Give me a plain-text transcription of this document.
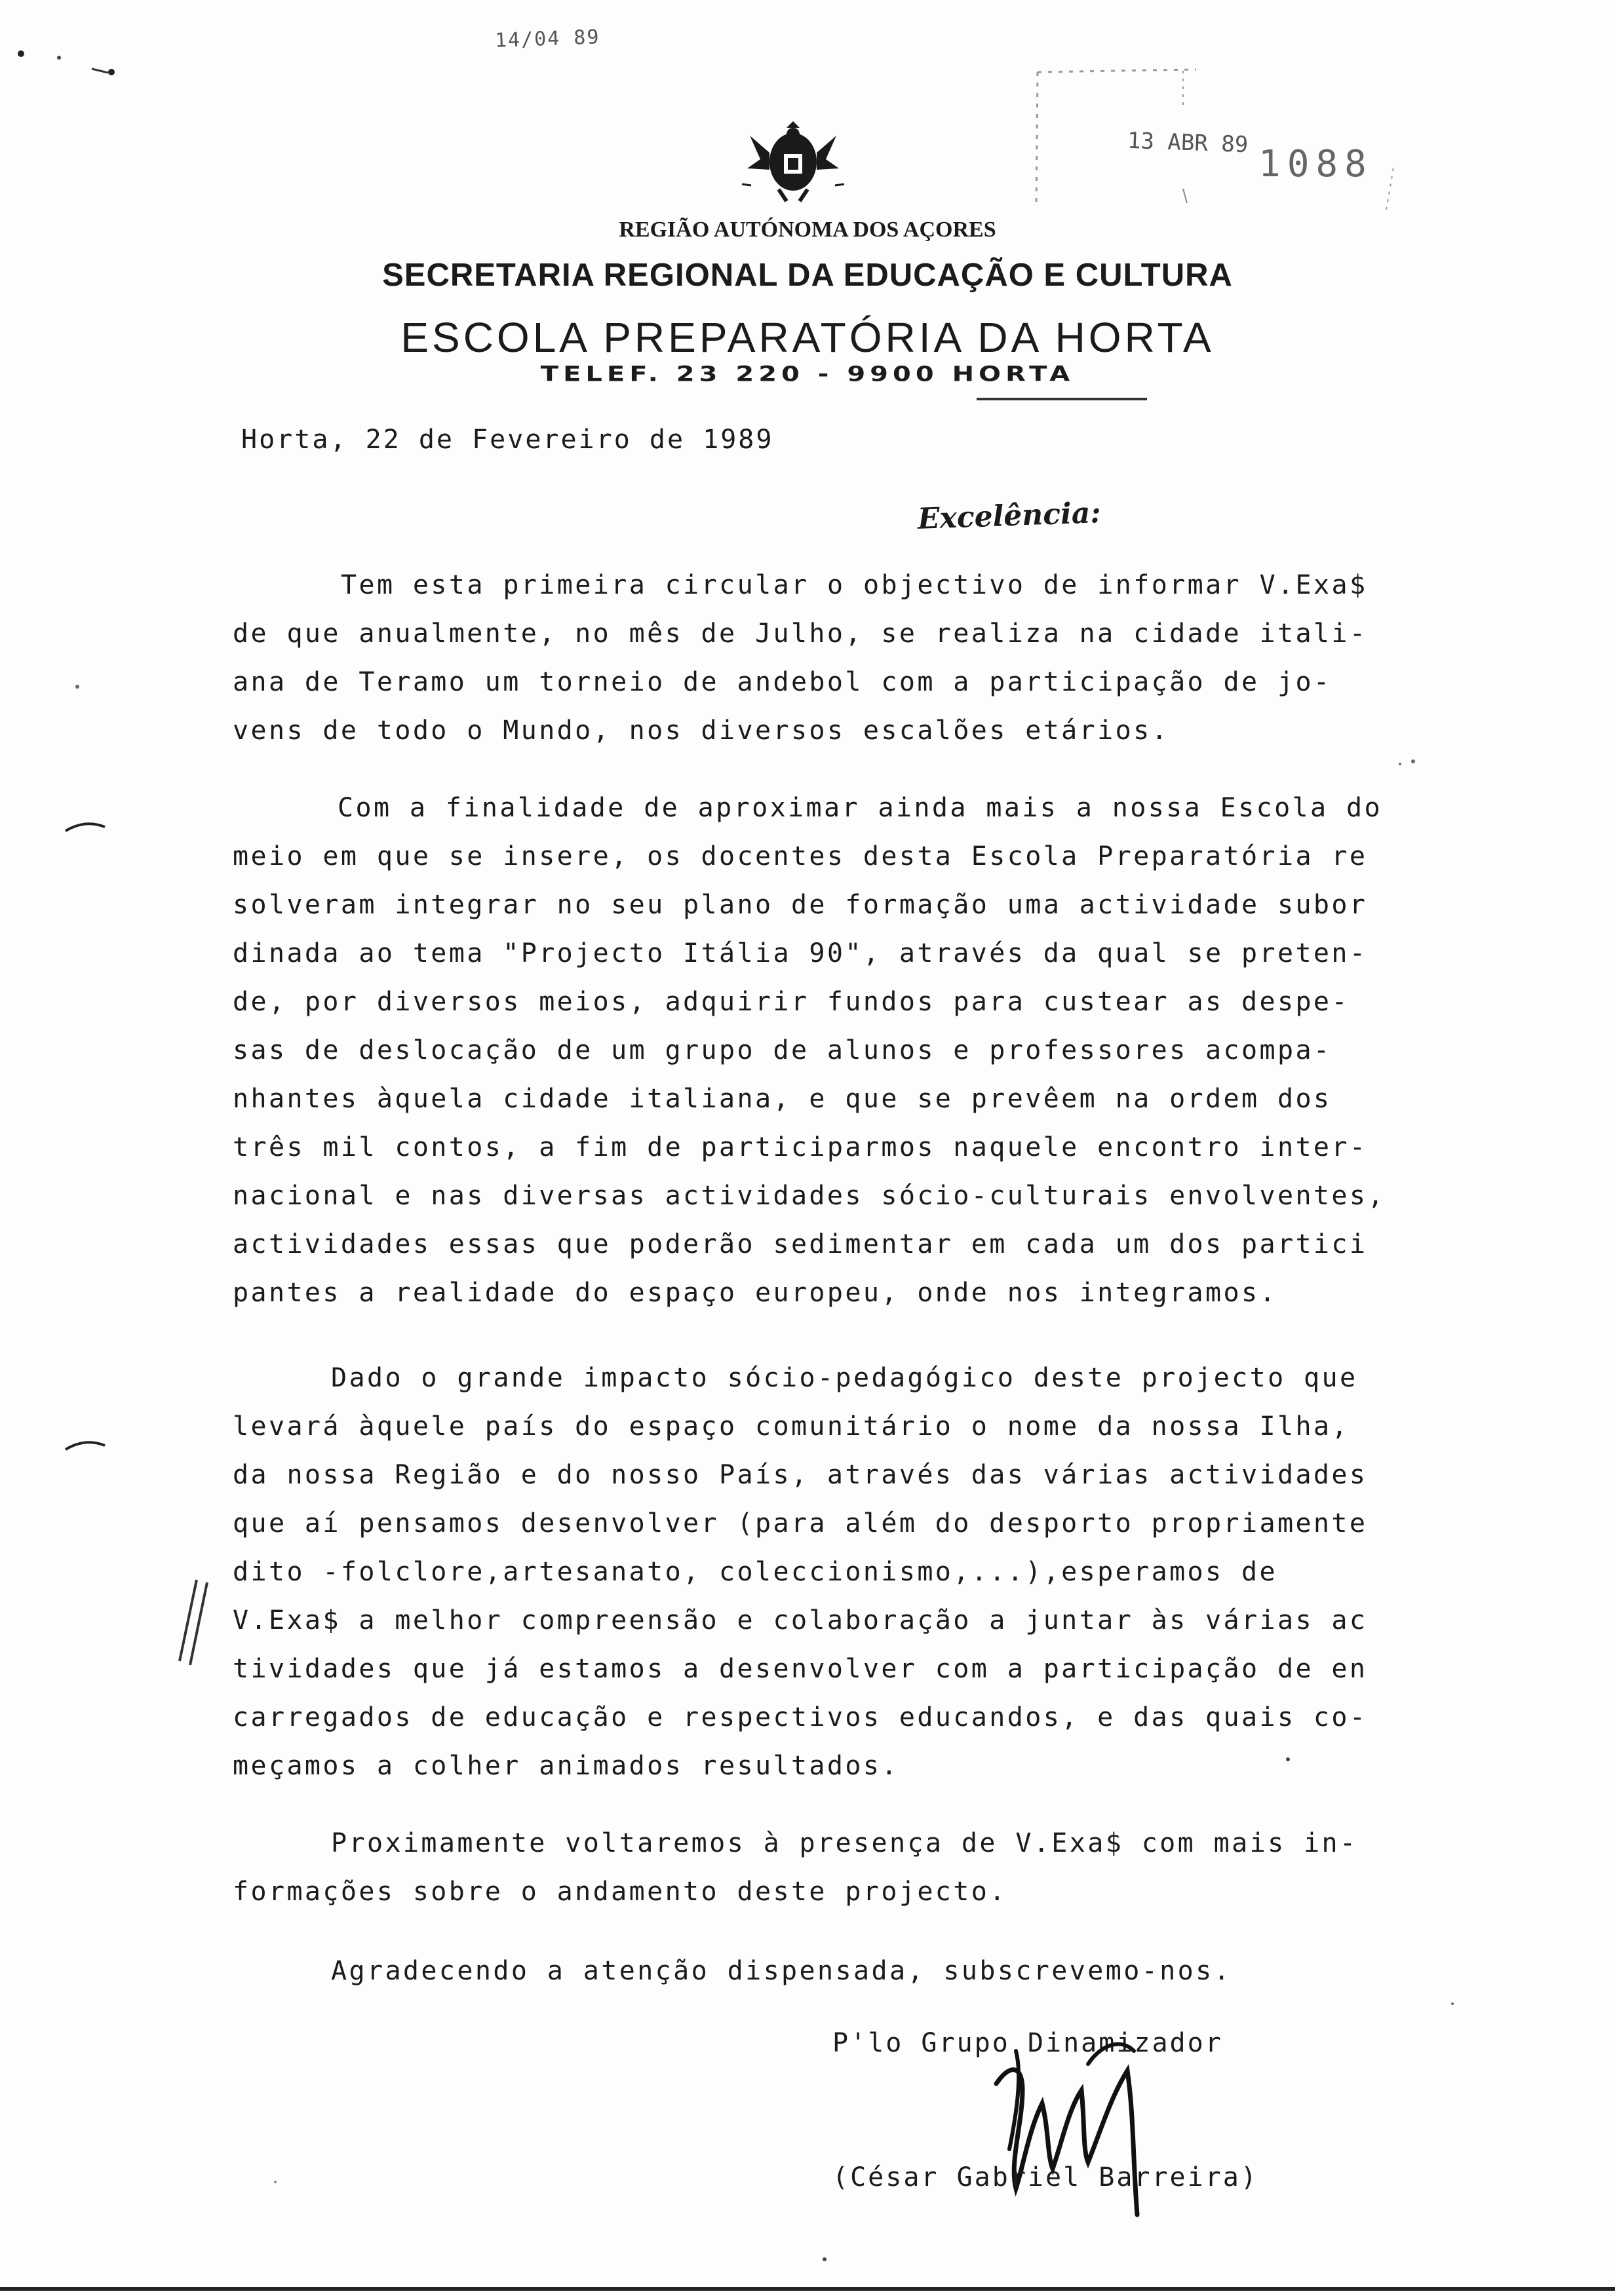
14/04 89
13 ABR 89 1088
REGIÃO AUTÓNOMA DOS AÇORES
SECRETARIA REGIONAL DA EDUCAÇÃO E CULTURA
ESCOLA PREPARATÓRIA DA HORTA
TELEF. 23 220 - 9900 HORTA
Horta, 22 de Fevereiro de 1989
Excelência:
Tem esta primeira circular o objectivo de informar V.Exa$
de que anualmente, no mês de Julho, se realiza na cidade itali-
ana de Teramo um torneio de andebol com a participação de jo-
vens de todo o Mundo, nos diversos escalões etários.
Com a finalidade de aproximar ainda mais a nossa Escola do
meio em que se insere, os docentes desta Escola Preparatória re
solveram integrar no seu plano de formação uma actividade subor
dinada ao tema "Projecto Itália 90", através da qual se preten-
de, por diversos meios, adquirir fundos para custear as despe-
sas de deslocação de um grupo de alunos e professores acompa-
nhantes àquela cidade italiana, e que se prevêem na ordem dos
três mil contos, a fim de participarmos naquele encontro inter-
nacional e nas diversas actividades sócio-culturais envolventes,
actividades essas que poderão sedimentar em cada um dos partici
pantes a realidade do espaço europeu, onde nos integramos.
Dado o grande impacto sócio-pedagógico deste projecto que
levará àquele país do espaço comunitário o nome da nossa Ilha,
da nossa Região e do nosso País, através das várias actividades
que aí pensamos desenvolver (para além do desporto propriamente
dito -folclore,artesanato, coleccionismo,...),esperamos de
V.Exa$ a melhor compreensão e colaboração a juntar às várias ac
tividades que já estamos a desenvolver com a participação de en
carregados de educação e respectivos educandos, e das quais co-
meçamos a colher animados resultados.
Proximamente voltaremos à presença de V.Exa$ com mais in-
formações sobre o andamento deste projecto.
Agradecendo a atenção dispensada, subscrevemo-nos.
P'lo Grupo Dinamizador
(César Gabriel Barreira)
